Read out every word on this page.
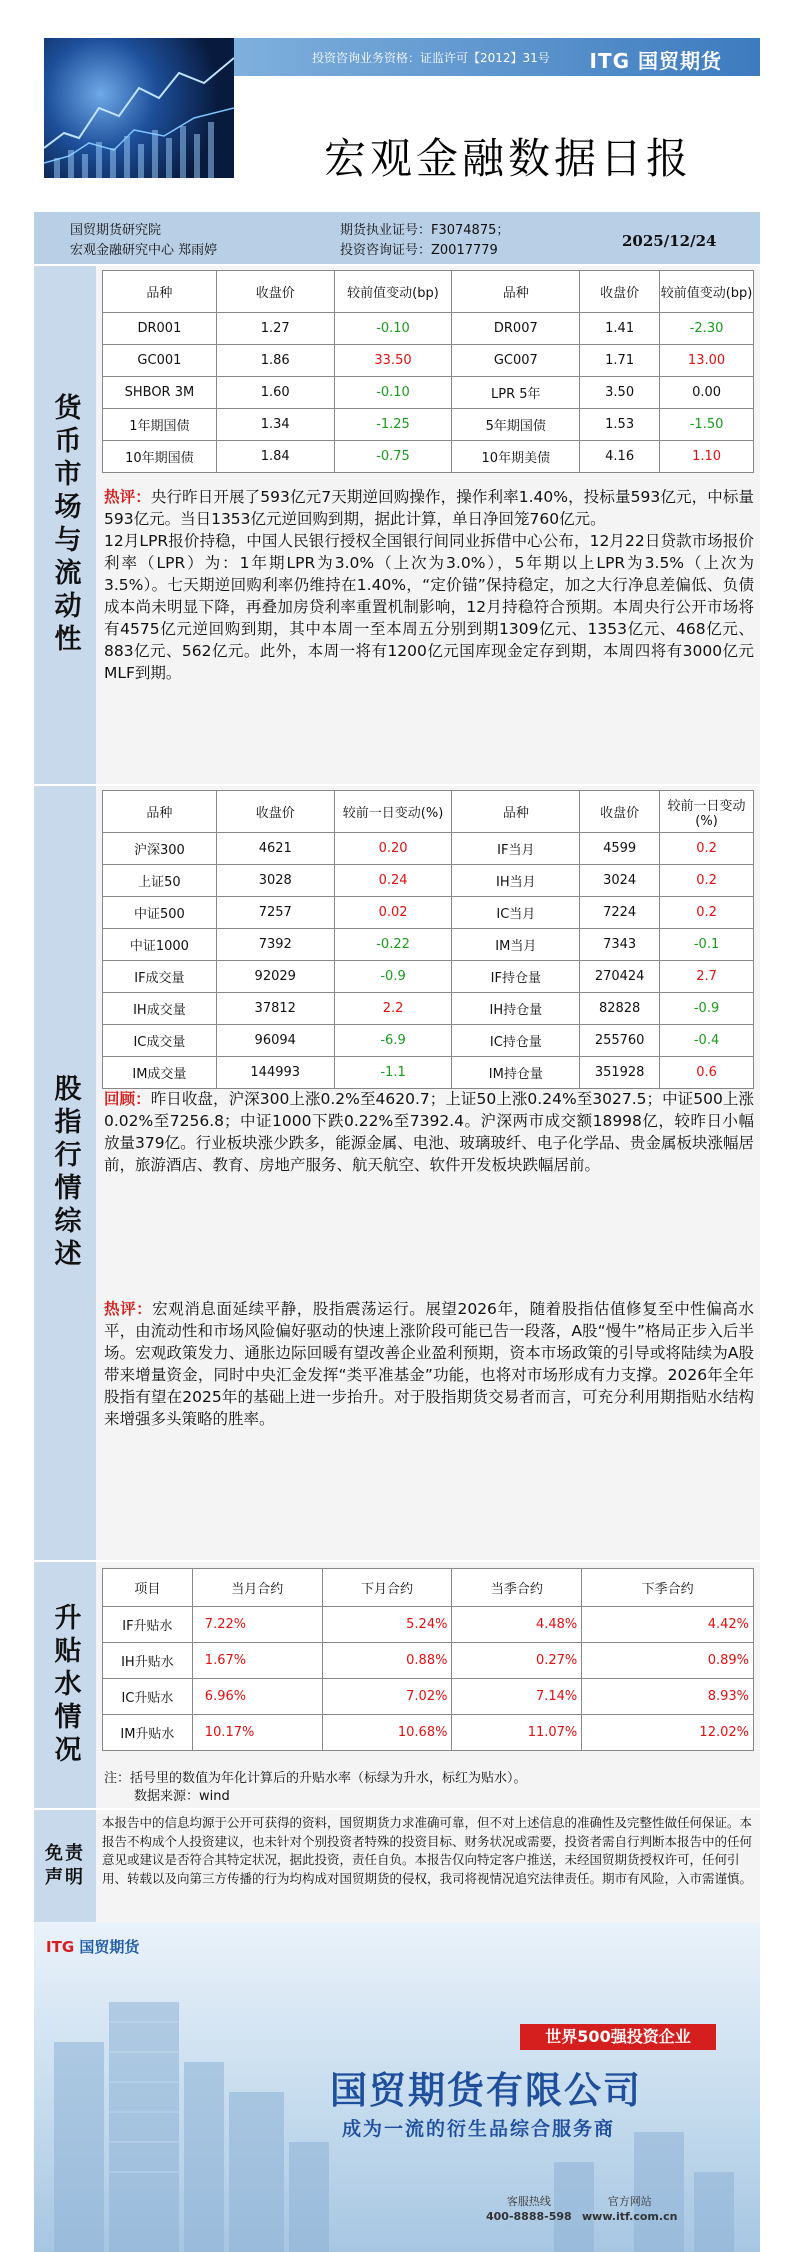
投资咨询业务资格：证监许可【2012】31号 ITG 国贸期货
宏观金融数据日报
国贸期货研究院
宏观金融研究中心 郑雨婷
期货执业证号：F3074875；
投资咨询证号：Z0017779
2025/12/24
货币市场与流动性
品种	收盘价	较前值变动(bp)	品种	收盘价	较前值变动(bp)
DR001	1.27	-0.10	DR007	1.41	-2.30
GC001	1.86	33.50	GC007	1.71	13.00
SHBOR 3M	1.60	-0.10	LPR 5年	3.50	0.00
1年期国债	1.34	-1.25	5年期国债	1.53	-1.50
10年期国债	1.84	-0.75	10年期美债	4.16	1.10
热评：央行昨日开展了593亿元7天期逆回购操作，操作利率1.40%，投标量593亿元，中标量593亿元。当日1353亿元逆回购到期，据此计算，单日净回笼760亿元。
12月LPR报价持稳，中国人民银行授权全国银行间同业拆借中心公布，12月22日贷款市场报价利率（LPR）为：1年期LPR为3.0%（上次为3.0%），5年期以上LPR为3.5%（上次为3.5%）。七天期逆回购利率仍维持在1.40%，“定价锚”保持稳定，加之大行净息差偏低、负债成本尚未明显下降，再叠加房贷利率重置机制影响，12月持稳符合预期。本周央行公开市场将有4575亿元逆回购到期，其中本周一至本周五分别到期1309亿元、1353亿元、468亿元、883亿元、562亿元。此外，本周一将有1200亿元国库现金定存到期，本周四将有3000亿元MLF到期。
股指行情综述
品种	收盘价	较前一日变动(%)	品种	收盘价	较前一日变动(%)
沪深300	4621	0.20	IF当月	4599	0.2
上证50	3028	0.24	IH当月	3024	0.2
中证500	7257	0.02	IC当月	7224	0.2
中证1000	7392	-0.22	IM当月	7343	-0.1
IF成交量	92029	-0.9	IF持仓量	270424	2.7
IH成交量	37812	2.2	IH持仓量	82828	-0.9
IC成交量	96094	-6.9	IC持仓量	255760	-0.4
IM成交量	144993	-1.1	IM持仓量	351928	0.6
回顾：昨日收盘，沪深300上涨0.2%至4620.7；上证50上涨0.24%至3027.5；中证500上涨0.02%至7256.8；中证1000下跌0.22%至7392.4。沪深两市成交额18998亿，较昨日小幅放量379亿。行业板块涨少跌多，能源金属、电池、玻璃玻纤、电子化学品、贵金属板块涨幅居前，旅游酒店、教育、房地产服务、航天航空、软件开发板块跌幅居前。
热评：宏观消息面延续平静，股指震荡运行。展望2026年，随着股指估值修复至中性偏高水平，由流动性和市场风险偏好驱动的快速上涨阶段可能已告一段落，A股“慢牛”格局正步入后半场。宏观政策发力、通胀边际回暖有望改善企业盈利预期，资本市场政策的引导或将陆续为A股带来增量资金，同时中央汇金发挥“类平准基金”功能，也将对市场形成有力支撑。2026年全年股指有望在2025年的基础上进一步抬升。对于股指期货交易者而言，可充分利用期指贴水结构来增强多头策略的胜率。
升贴水情况
项目	当月合约	下月合约	当季合约	下季合约
IF升贴水	7.22%	5.24%	4.48%	4.42%
IH升贴水	1.67%	0.88%	0.27%	0.89%
IC升贴水	6.96%	7.02%	7.14%	8.93%
IM升贴水	10.17%	10.68%	11.07%	12.02%
注：括号里的数值为年化计算后的升贴水率（标绿为升水，标红为贴水）。
数据来源：wind
免责声明
本报告中的信息均源于公开可获得的资料，国贸期货力求准确可靠，但不对上述信息的准确性及完整性做任何保证。本报告不构成个人投资建议，也未针对个别投资者特殊的投资目标、财务状况或需要，投资者需自行判断本报告中的任何意见或建议是否符合其特定状况，据此投资，责任自负。本报告仅向特定客户推送，未经国贸期货授权许可，任何引用、转载以及向第三方传播的行为均构成对国贸期货的侵权，我司将视情况追究法律责任。期市有风险，入市需谨慎。
ITG 国贸期货
世界500强投资企业
国贸期货有限公司
成为一流的衍生品综合服务商
客服热线
400-8888-598
官方网站
www.itf.com.cn
